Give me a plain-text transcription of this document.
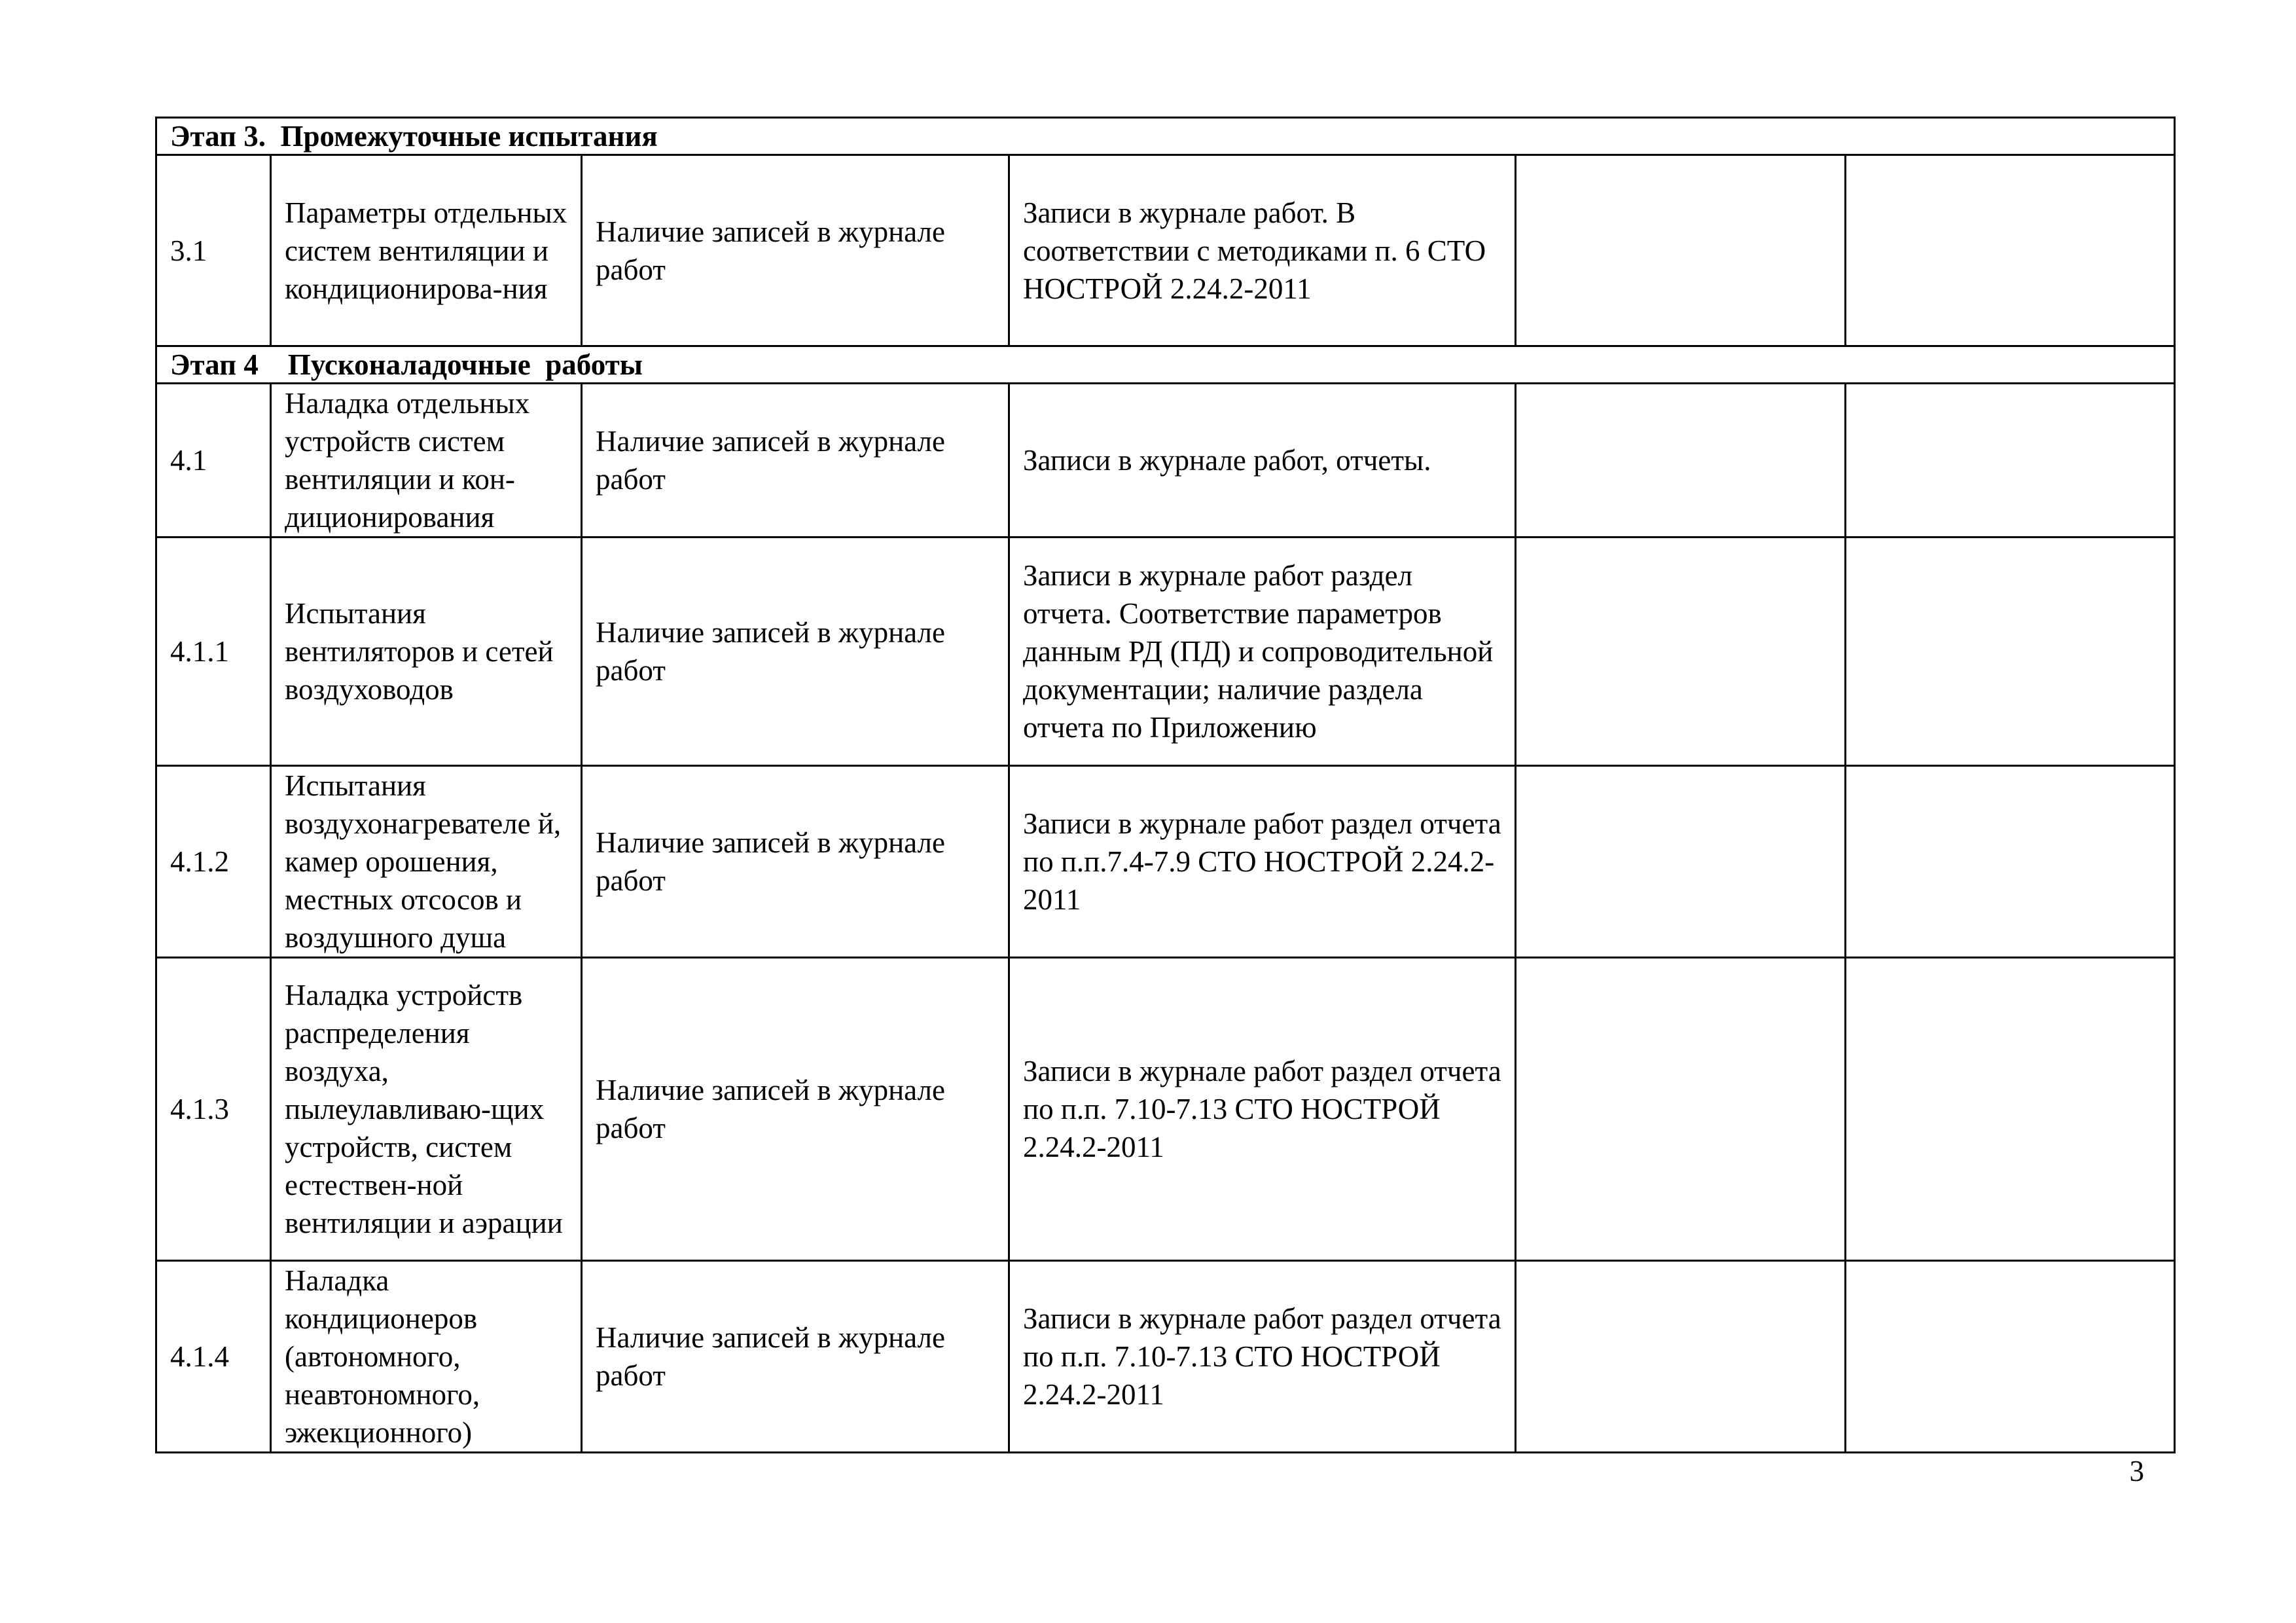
Этап 3.  Промежуточные испытания					
3.1	Параметры отдельных систем вентиляции и кондиционирова-ния	Наличие записей в журнале работ	Записи в журнале работ. В соответствии с методиками п. 6 СТО НОСТРОЙ 2.24.2-2011		
Этап 4    Пусконаладочные  работы					
4.1	Наладка отдельных устройств систем вентиляции и кон-диционирования	Наличие записей в журнале работ	Записи в журнале работ, отчеты.		
4.1.1	Испытания вентиляторов и сетей воздуховодов	Наличие записей в журнале работ	Записи в журнале работ раздел отчета. Соответствие параметров данным РД (ПД) и сопроводительной документации; наличие раздела отчета по Приложению		
4.1.2	Испытания воздухонагревателе й, камер орошения, местных отсосов и воздушного душа	Наличие записей в журнале работ	Записи в журнале работ раздел отчета по п.п.7.4-7.9 СТО НОСТРОЙ 2.24.2-2011		
4.1.3	Наладка устройств распределения воздуха, пылеулавливаю-щих устройств, систем естествен-ной вентиляции и аэрации	Наличие записей в журнале работ	Записи в журнале работ раздел отчета по п.п. 7.10-7.13 СТО НОСТРОЙ 2.24.2-2011		
4.1.4	Наладка кондиционеров (автономного, неавтономного, эжекционного)	Наличие записей в журнале работ	Записи в журнале работ раздел отчета по п.п. 7.10-7.13 СТО НОСТРОЙ 2.24.2-2011		
3
